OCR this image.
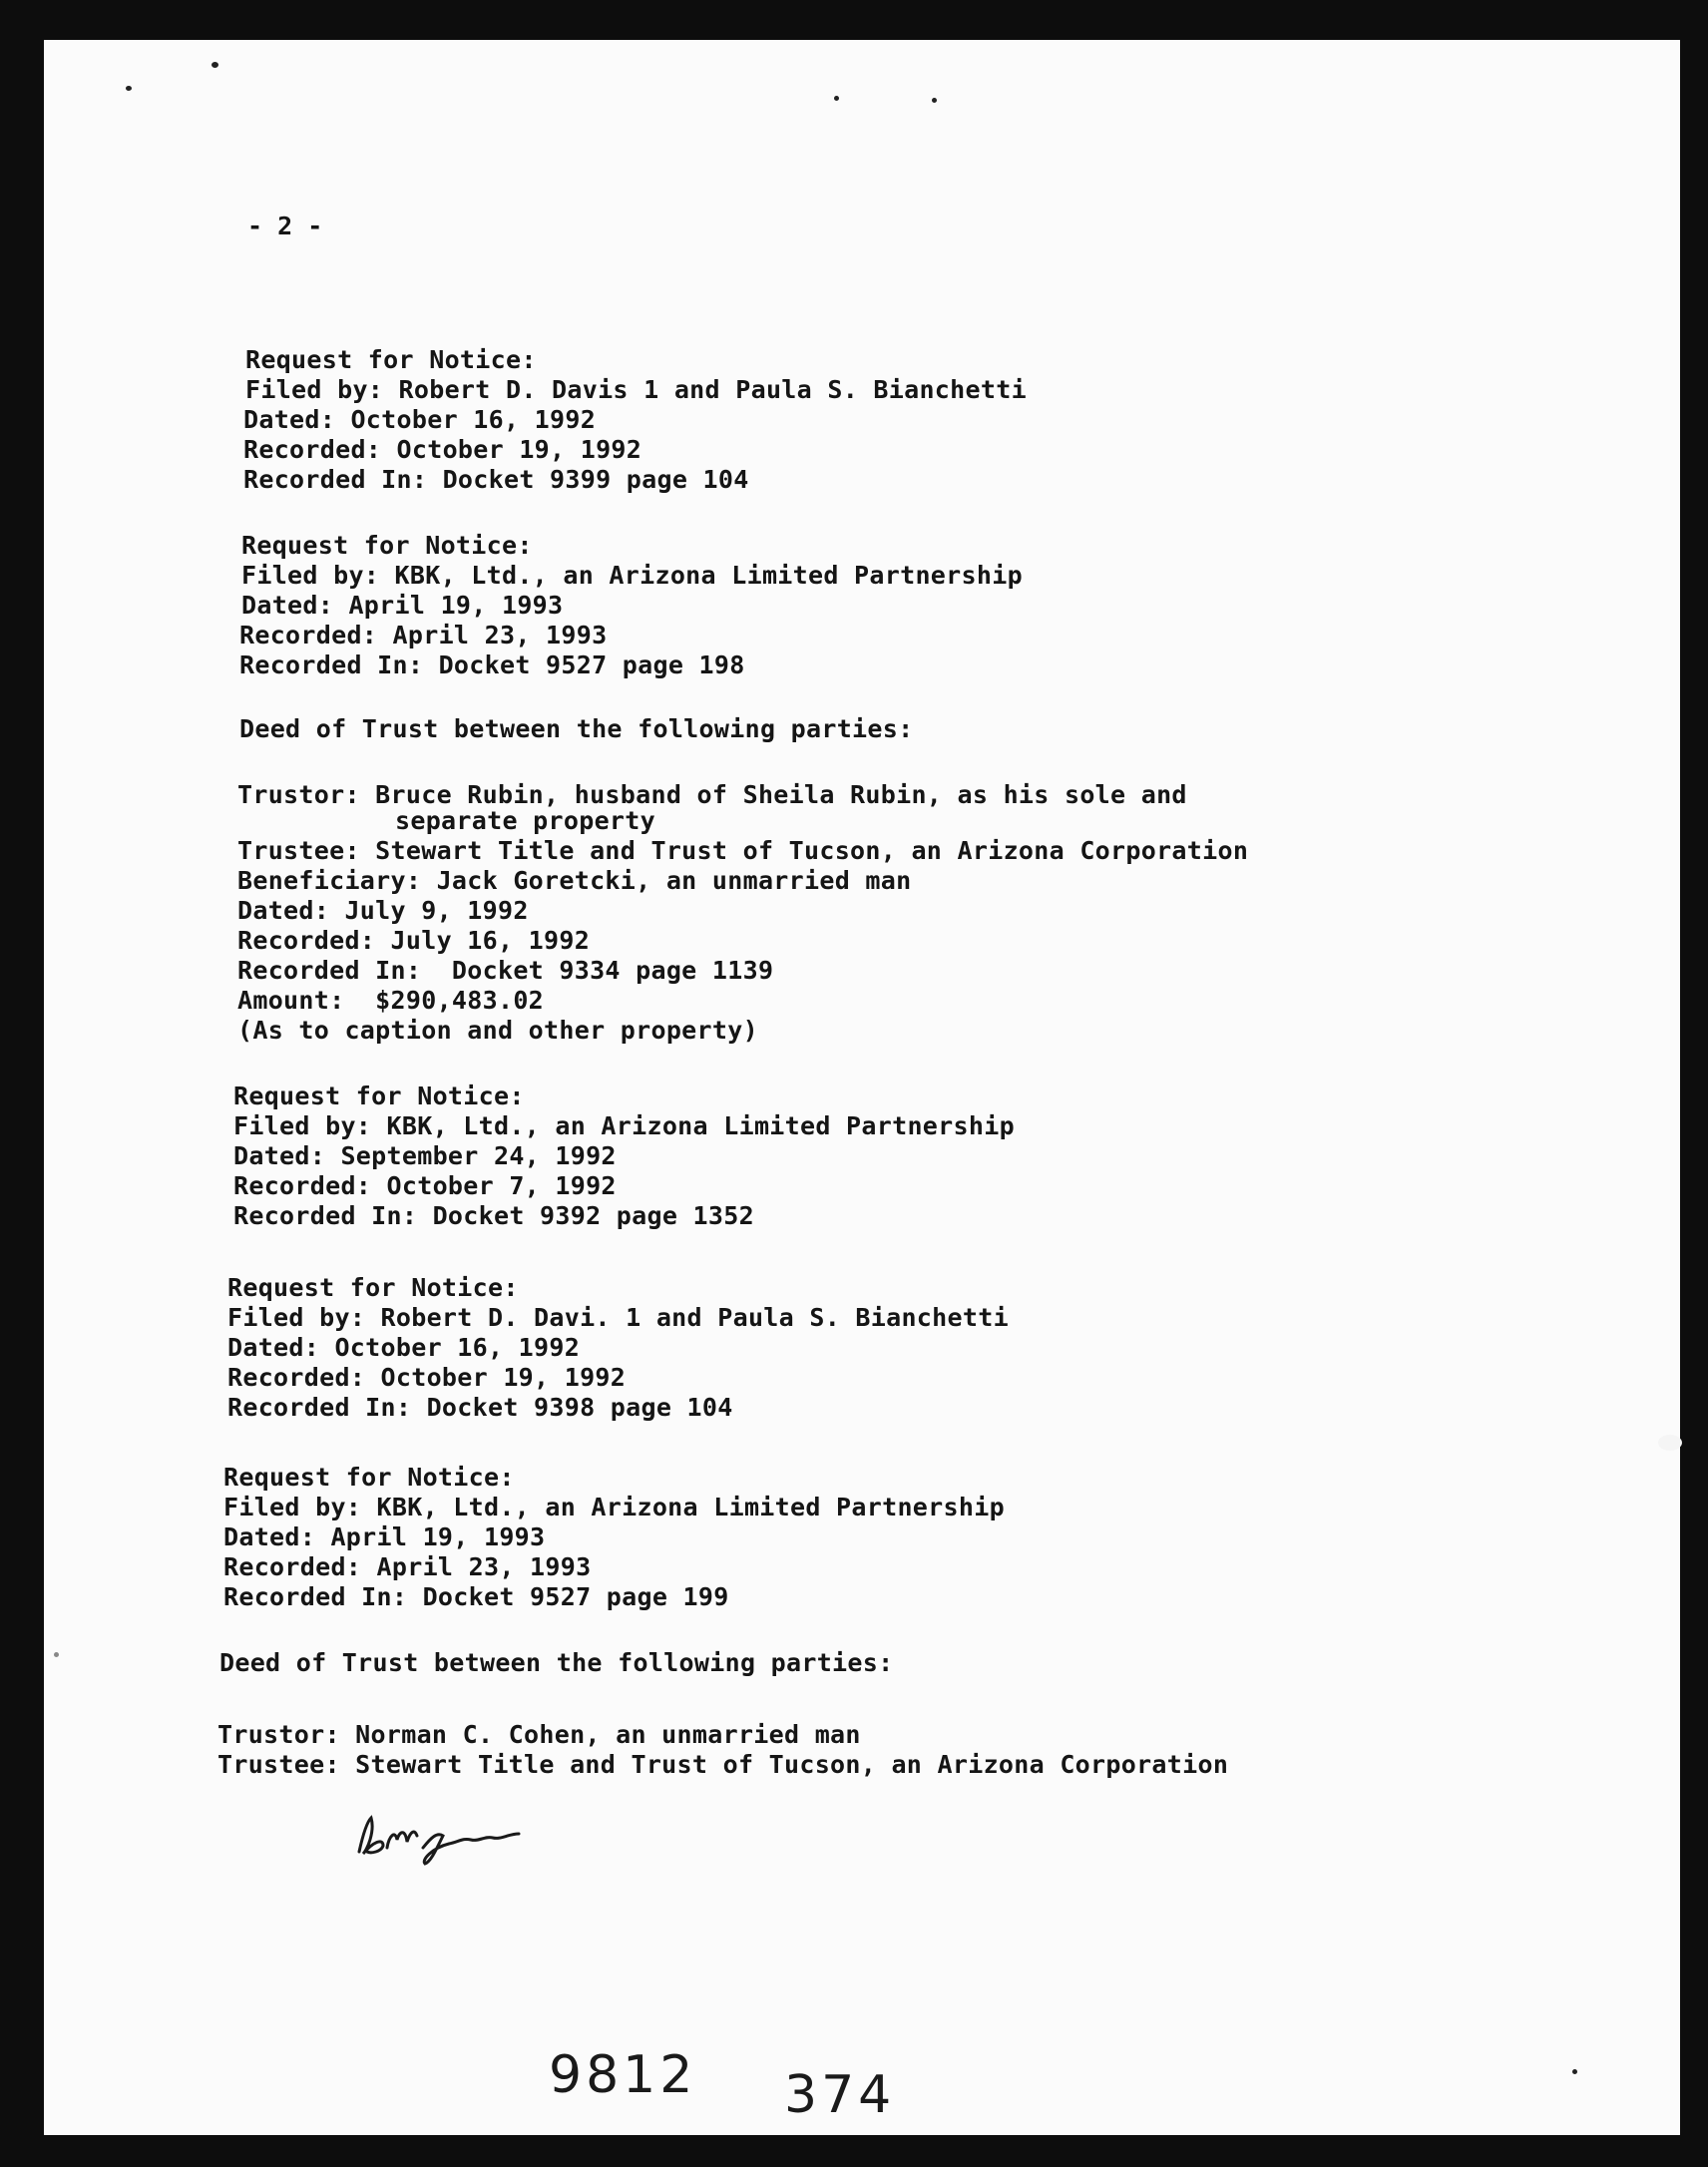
- 2 -
Request for Notice:
Filed by: Robert D. Davis 1 and Paula S. Bianchetti
Dated: October 16, 1992
Recorded: October 19, 1992
Recorded In: Docket 9399 page 104
Request for Notice:
Filed by: KBK, Ltd., an Arizona Limited Partnership
Dated: April 19, 1993
Recorded: April 23, 1993
Recorded In: Docket 9527 page 198
Deed of Trust between the following parties:
Trustor: Bruce Rubin, husband of Sheila Rubin, as his sole and
separate property
Trustee: Stewart Title and Trust of Tucson, an Arizona Corporation
Beneficiary: Jack Goretcki, an unmarried man
Dated: July 9, 1992
Recorded: July 16, 1992
Recorded In:  Docket 9334 page 1139
Amount:  $290,483.02
(As to caption and other property)
Request for Notice:
Filed by: KBK, Ltd., an Arizona Limited Partnership
Dated: September 24, 1992
Recorded: October 7, 1992
Recorded In: Docket 9392 page 1352
Request for Notice:
Filed by: Robert D. Davi. 1 and Paula S. Bianchetti
Dated: October 16, 1992
Recorded: October 19, 1992
Recorded In: Docket 9398 page 104
Request for Notice:
Filed by: KBK, Ltd., an Arizona Limited Partnership
Dated: April 19, 1993
Recorded: April 23, 1993
Recorded In: Docket 9527 page 199
Deed of Trust between the following parties:
Trustor: Norman C. Cohen, an unmarried man
Trustee: Stewart Title and Trust of Tucson, an Arizona Corporation
9812 374
